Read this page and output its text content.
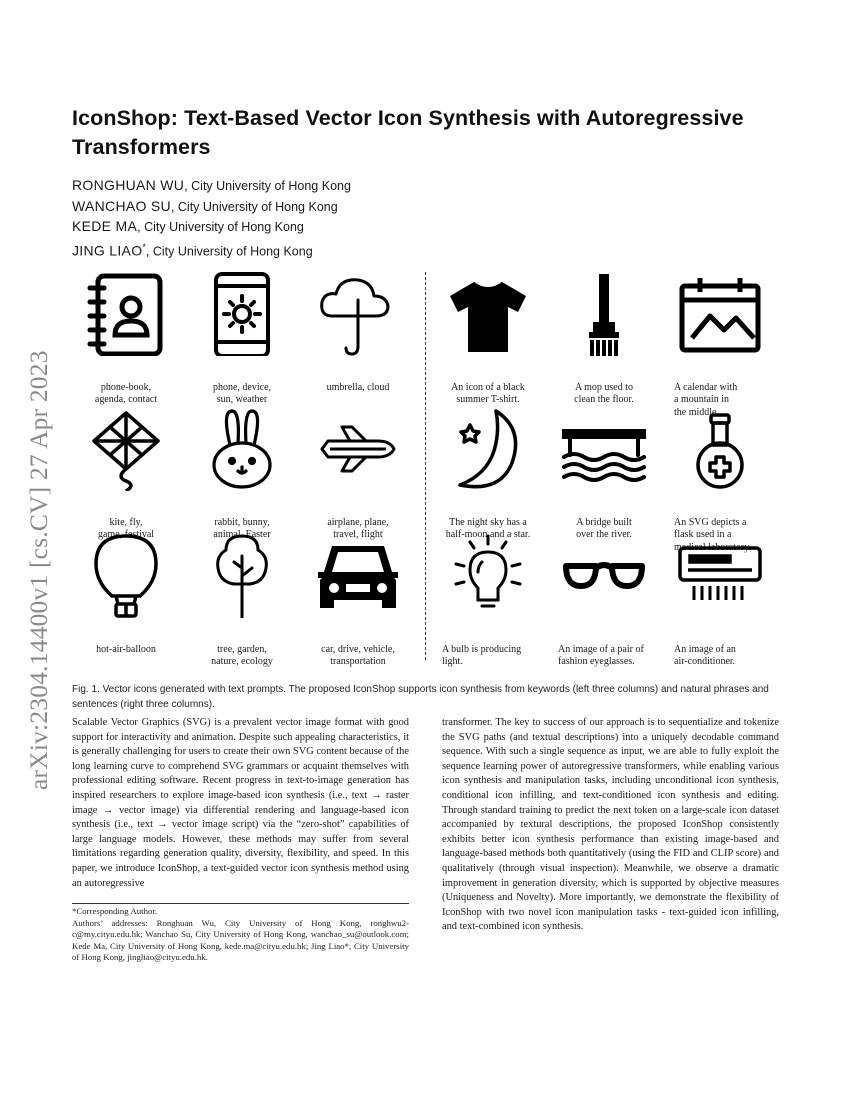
arXiv:2304.14400v1 [cs.CV] 27 Apr 2023
IconShop: Text-Based Vector Icon Synthesis with Autoregressive Transformers
RONGHUAN WU, City University of Hong Kong
WANCHAO SU, City University of Hong Kong
KEDE MA, City University of Hong Kong
JING LIAO*, City University of Hong Kong
phone-book,
agenda, contact
phone, device,
sun, weather
umbrella, cloud	An icon of a black
summer T-shirt.
A mop used to
clean the floor.
A calendar with
a mountain in
the middle.
kite, fly,
game, festival
rabbit, bunny,
animal, Easter
airplane, plane,
travel, flight
The night sky has a
half-moon and a star.
A bridge built
over the river.
An SVG depicts a
flask used in a
medical laboratory.
hot-air-balloon	tree, garden,
nature, ecology
car, drive, vehicle,
transportation
A bulb is producing
light.
An image of a pair of
fashion eyeglasses.
An image of an
air-conditioner.

Fig. 1. Vector icons generated with text prompts. The proposed IconShop supports icon synthesis from keywords (left three columns) and natural phrases and sentences (right three columns).

Scalable Vector Graphics (SVG) is a prevalent vector image format with good support for interactivity and animation. Despite such appealing characteristics, it is generally challenging for users to create their own SVG content because of the long learning curve to comprehend SVG grammars or acquaint themselves with professional editing software. Recent progress in text-to-image generation has inspired researchers to explore image-based icon synthesis (i.e., text → raster image → vector image) via differential rendering and language-based icon synthesis (i.e., text → vector image script) via the “zero-shot” capabilities of large language models. However, these methods may suffer from several limitations regarding generation quality, diversity, flexibility, and speed. In this paper, we introduce IconShop, a text-guided vector icon synthesis method using an autoregressive

transformer. The key to success of our approach is to sequentialize and tokenize the SVG paths (and textual descriptions) into a uniquely decodable command sequence. With such a single sequence as input, we are able to fully exploit the sequence learning power of autoregressive transformers, while enabling various icon synthesis and manipulation tasks, including unconditional icon synthesis, conditional icon infilling, and text-conditioned icon synthesis and editing. Through standard training to predict the next token on a large-scale icon dataset accompanied by textural descriptions, the proposed IconShop consistently exhibits better icon synthesis performance than existing image-based and language-based methods both quantitatively (using the FID and CLIP score) and qualitatively (through visual inspection). Meanwhile, we observe a dramatic improvement in generation diversity, which is supported by objective measures (Uniqueness and Novelty). More importantly, we demonstrate the flexibility of IconShop with two novel icon manipulation tasks - text-guided icon infilling, and text-combined icon synthesis.

*Corresponding Author.

Authors’ addresses: Ronghuan Wu, City University of Hong Kong, ronghwu2-c@my.cityu.edu.hk; Wanchao Su, City University of Hong Kong, wanchao_su@outlook.com; Kede Ma, City University of Hong Kong, kede.ma@cityu.edu.hk; Jing Liao*, City University of Hong Kong, jingliao@cityu.edu.hk.
